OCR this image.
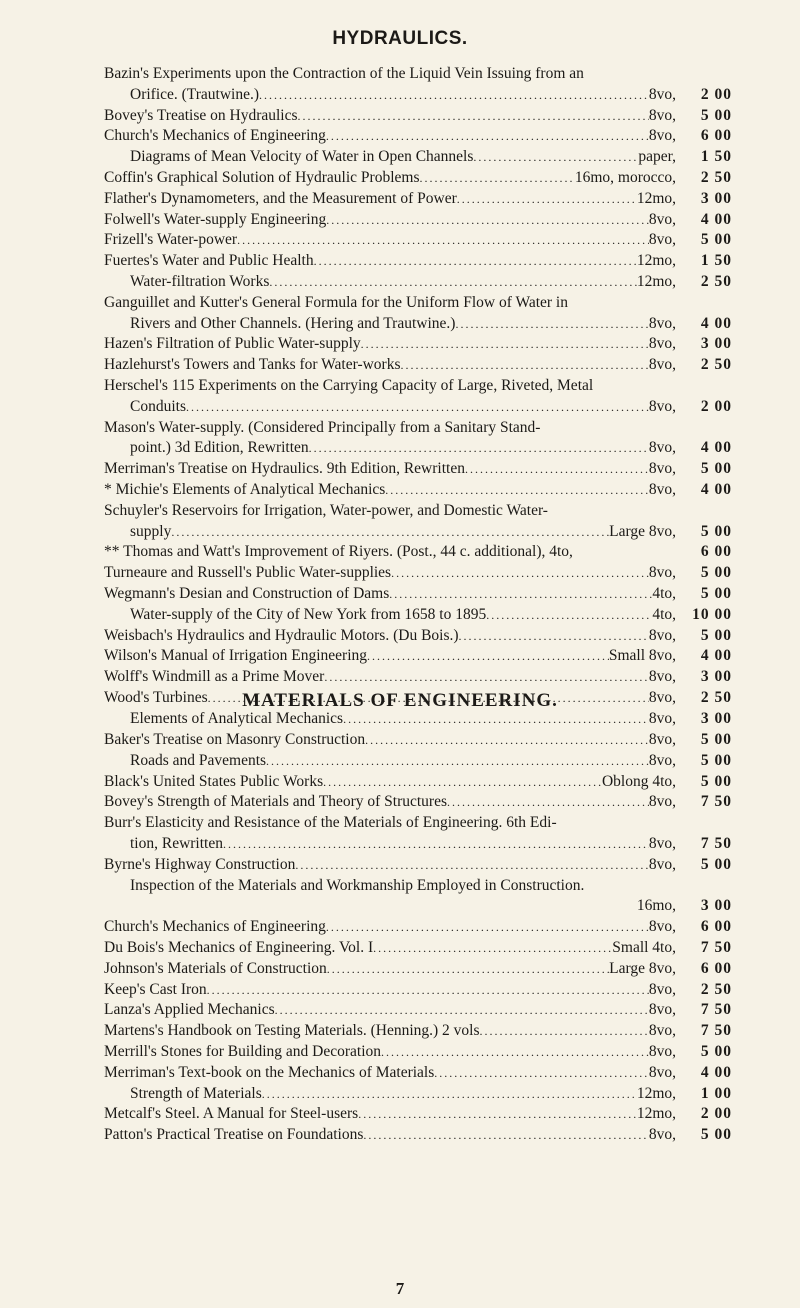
HYDRAULICS.
Bazin's Experiments upon the Contraction of the Liquid Vein Issuing from an
Orifice. (Trautwine.) .....	8vo,	2 00
Bovey's Treatise on Hydraulics .....	8vo,	5 00
Church's Mechanics of Engineering .....	8vo,	6 00
Diagrams of Mean Velocity of Water in Open Channels .....	paper,	1 50
Coffin's Graphical Solution of Hydraulic Problems .....	16mo, morocco,	2 50
Flather's Dynamometers, and the Measurement of Power .....	12mo,	3 00
Folwell's Water-supply Engineering .....	8vo,	4 00
Frizell's Water-power .....	8vo,	5 00
Fuertes's Water and Public Health .....	12mo,	1 50
Water-filtration Works .....	12mo,	2 50
Ganguillet and Kutter's General Formula for the Uniform Flow of Water in
Rivers and Other Channels. (Hering and Trautwine.) .....	8vo,	4 00
Hazen's Filtration of Public Water-supply .....	8vo,	3 00
Hazlehurst's Towers and Tanks for Water-works .....	8vo,	2 50
Herschel's 115 Experiments on the Carrying Capacity of Large, Riveted, Metal
Conduits .....	8vo,	2 00
Mason's Water-supply. (Considered Principally from a Sanitary Stand-
point.) 3d Edition, Rewritten .....	8vo,	4 00
Merriman's Treatise on Hydraulics. 9th Edition, Rewritten .....	8vo,	5 00
* Michie's Elements of Analytical Mechanics .....	8vo,	4 00
Schuyler's Reservoirs for Irrigation, Water-power, and Domestic Water-
supply .....	Large 8vo,	5 00
** Thomas and Watt's Improvement of Riyers. (Post., 44 c. additional), 4to,	6 00
Turneaure and Russell's Public Water-supplies .....	8vo,	5 00
Wegmann's Desian and Construction of Dams .....	4to,	5 00
Water-supply of the City of New York from 1658 to 1895 .....	4to,	10 00
Weisbach's Hydraulics and Hydraulic Motors. (Du Bois.) .....	8vo,	5 00
Wilson's Manual of Irrigation Engineering .....	Small 8vo,	4 00
Wolff's Windmill as a Prime Mover .....	8vo,	3 00
Wood's Turbines .....	8vo,	2 50
Elements of Analytical Mechanics .....	8vo,	3 00
MATERIALS OF ENGINEERING.
Baker's Treatise on Masonry Construction .....	8vo,	5 00
Roads and Pavements .....	8vo,	5 00
Black's United States Public Works .....	Oblong 4to,	5 00
Bovey's Strength of Materials and Theory of Structures .....	8vo,	7 50
Burr's Elasticity and Resistance of the Materials of Engineering. 6th Edi-
tion, Rewritten .....	8vo,	7 50
Byrne's Highway Construction .....	8vo,	5 00
Inspection of the Materials and Workmanship Employed in Construction.
16mo, 3 00
Church's Mechanics of Engineering .....	8vo,	6 00
Du Bois's Mechanics of Engineering. Vol. I .....	Small 4to,	7 50
Johnson's Materials of Construction .....	Large 8vo,	6 00
Keep's Cast Iron .....	8vo,	2 50
Lanza's Applied Mechanics .....	8vo,	7 50
Martens's Handbook on Testing Materials. (Henning.) 2 vols .....	8vo,	7 50
Merrill's Stones for Building and Decoration .....	8vo,	5 00
Merriman's Text-book on the Mechanics of Materials .....	8vo,	4 00
Strength of Materials .....	12mo,	1 00
Metcalf's Steel. A Manual for Steel-users .....	12mo,	2 00
Patton's Practical Treatise on Foundations .....	8vo,	5 00
7
